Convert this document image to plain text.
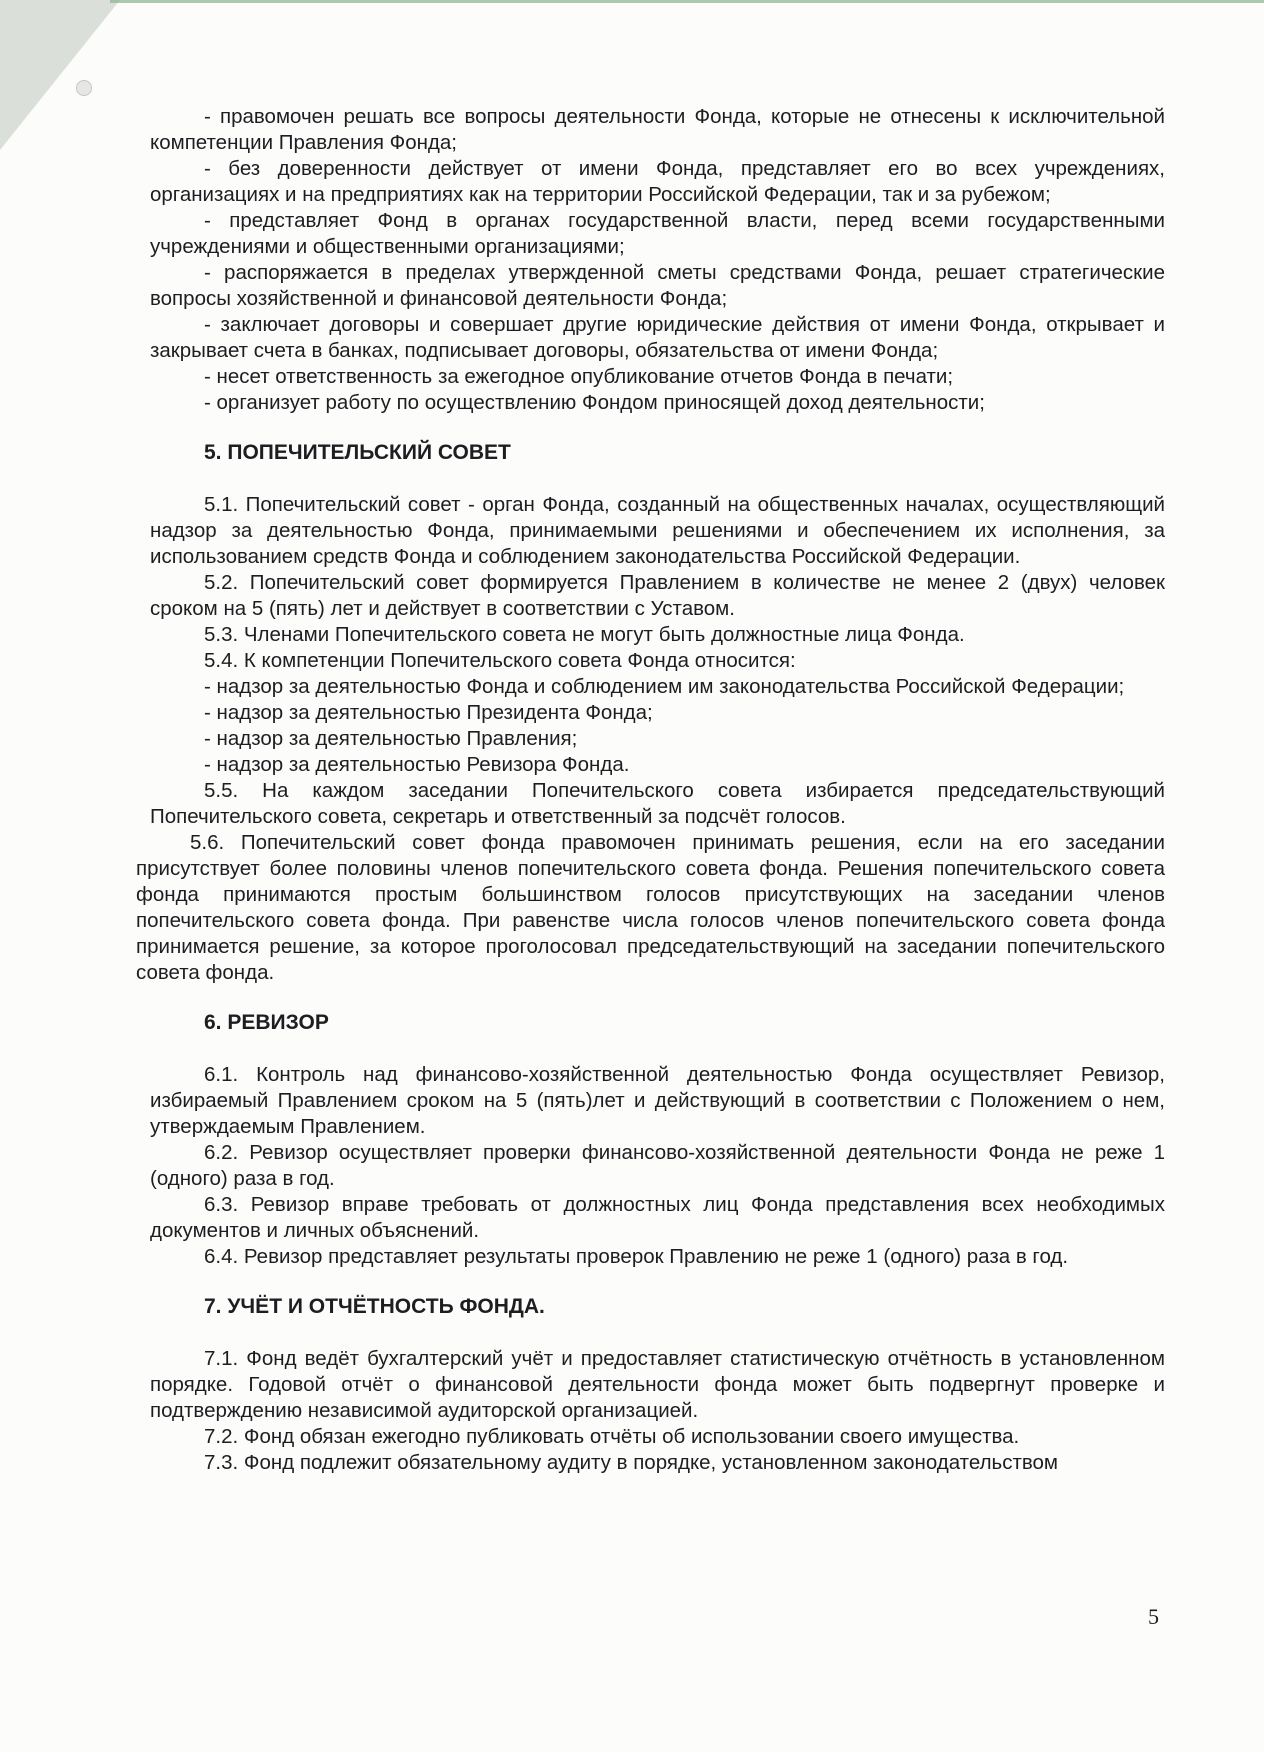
- правомочен решать все вопросы деятельности Фонда, которые не отнесены к исключительной компетенции Правления Фонда;

- без доверенности действует от имени Фонда, представляет его во всех учреждениях, организациях и на предприятиях как на территории Российской Федерации, так и за рубежом;

- представляет Фонд в органах государственной власти, перед всеми государственными учреждениями и общественными организациями;

- распоряжается в пределах утвержденной сметы средствами Фонда, решает стратегические вопросы хозяйственной и финансовой деятельности Фонда;

- заключает договоры и совершает другие юридические действия от имени Фонда, открывает и закрывает счета в банках, подписывает договоры, обязательства от имени Фонда;

- несет ответственность за ежегодное опубликование отчетов Фонда в печати;

- организует работу по осуществлению Фондом приносящей доход деятельности;

5. ПОПЕЧИТЕЛЬСКИЙ СОВЕТ

5.1. Попечительский совет - орган Фонда, созданный на общественных началах, осуществляющий надзор за деятельностью Фонда, принимаемыми решениями и обеспечением их исполнения, за использованием средств Фонда и соблюдением законодательства Российской Федерации.

5.2. Попечительский совет формируется Правлением в количестве не менее 2 (двух) человек сроком на 5 (пять) лет и действует в соответствии с Уставом.

5.3. Членами Попечительского совета не могут быть должностные лица Фонда.

5.4. К компетенции Попечительского совета Фонда относится:

- надзор за деятельностью Фонда и соблюдением им законодательства Российской Федерации;

- надзор за деятельностью Президента Фонда;

- надзор за деятельностью Правления;

- надзор за деятельностью Ревизора Фонда.

5.5. На каждом заседании Попечительского совета избирается председательствующий Попечительского совета, секретарь и ответственный за подсчёт голосов.

5.6. Попечительский совет фонда правомочен принимать решения, если на его заседании присутствует более половины членов попечительского совета фонда. Решения попечительского совета фонда принимаются простым большинством голосов присутствующих на заседании членов попечительского совета фонда. При равенстве числа голосов членов попечительского совета фонда принимается решение, за которое проголосовал председательствующий на заседании попечительского совета фонда.

6. РЕВИЗОР

6.1. Контроль над финансово-хозяйственной деятельностью Фонда осуществляет Ревизор, избираемый Правлением сроком на 5 (пять)лет и действующий в соответствии с Положением о нем, утверждаемым Правлением.

6.2. Ревизор осуществляет проверки финансово-хозяйственной деятельности Фонда не реже 1 (одного) раза в год.

6.3. Ревизор вправе требовать от должностных лиц Фонда представления всех необходимых документов и личных объяснений.

6.4. Ревизор представляет результаты проверок Правлению не реже 1 (одного) раза в год.

7. УЧЁТ И ОТЧЁТНОСТЬ ФОНДА.

7.1. Фонд ведёт бухгалтерский учёт и предоставляет статистическую отчётность в установленном порядке. Годовой отчёт о финансовой деятельности фонда может быть подвергнут проверке и подтверждению независимой аудиторской организацией.

7.2. Фонд обязан ежегодно публиковать отчёты об использовании своего имущества.

7.3. Фонд подлежит обязательному аудиту в порядке, установленном законодательством

5
